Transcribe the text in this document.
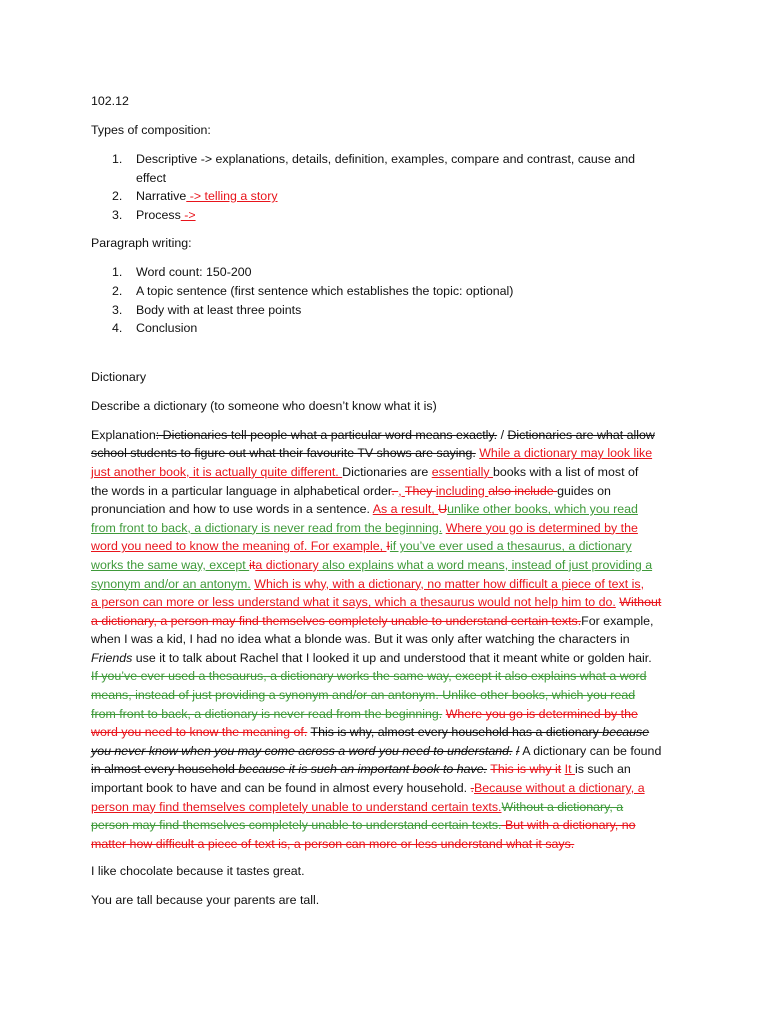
102.12

Types of composition:

1. Descriptive -> explanations, details, definition, examples, compare and contrast, cause and
effect
2. Narrative -> telling a story
3. Process ->

Paragraph writing:

1. Word count: 150-200
2. A topic sentence (first sentence which establishes the topic: optional)
3. Body with at least three points
4. Conclusion

Dictionary

Describe a dictionary (to someone who doesn’t know what it is)

Explanation: Dictionaries tell people what a particular word means exactly. / Dictionaries are what allow
school students to figure out what their favourite TV shows are saying. While a dictionary may look like
just another book, it is actually quite different. Dictionaries are essentially books with a list of most of
the words in a particular language in alphabetical order. , They including also include guides on
pronunciation and how to use words in a sentence. As a result, Uunlike other books, which you read
from front to back, a dictionary is never read from the beginning. Where you go is determined by the
word you need to know the meaning of. For example, Iif you’ve ever used a thesaurus, a dictionary
works the same way, except ita dictionary also explains what a word means, instead of just providing a
synonym and/or an antonym. Which is why, with a dictionary, no matter how difficult a piece of text is,
a person can more or less understand what it says, which a thesaurus would not help him to do. Without
a dictionary, a person may find themselves completely unable to understand certain texts.For example,
when I was a kid, I had no idea what a blonde was. But it was only after watching the characters in
Friends use it to talk about Rachel that I looked it up and understood that it meant white or golden hair.
If you’ve ever used a thesaurus, a dictionary works the same way, except it also explains what a word
means, instead of just providing a synonym and/or an antonym. Unlike other books, which you read
from front to back, a dictionary is never read from the beginning. Where you go is determined by the
word you need to know the meaning of. This is why, almost every household has a dictionary because
you never know when you may come across a word you need to understand. / A dictionary can be found
in almost every household because it is such an important book to have. This is why it It is such an
important book to have and can be found in almost every household. .Because without a dictionary, a
person may find themselves completely unable to understand certain texts.Without a dictionary, a
person may find themselves completely unable to understand certain texts. But with a dictionary, no
matter how difficult a piece of text is, a person can more or less understand what it says.

I like chocolate because it tastes great.

You are tall because your parents are tall.
